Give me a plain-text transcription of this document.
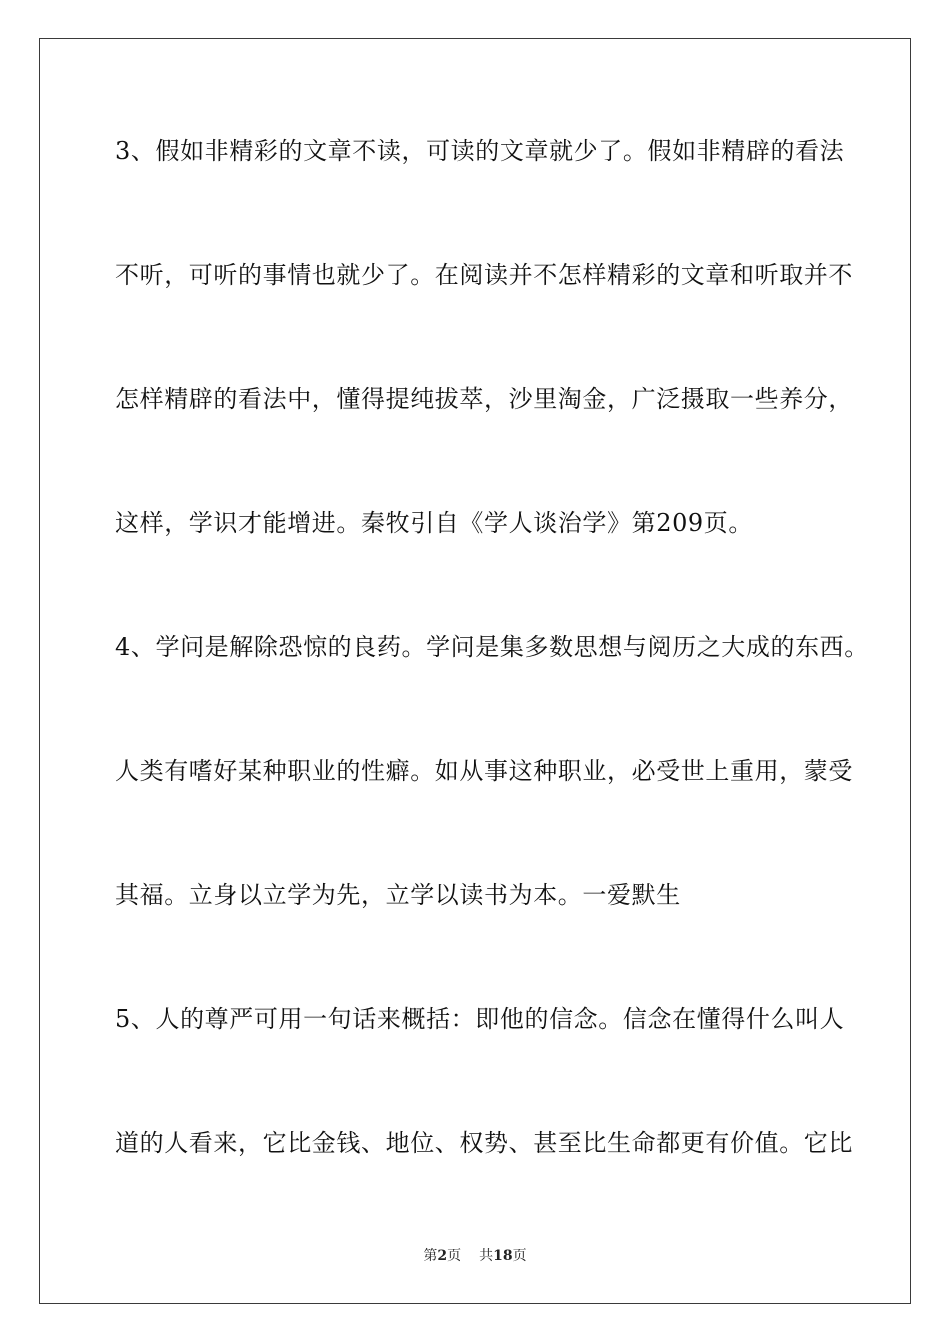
3、假如非精彩的文章不读，可读的文章就少了。假如非精辟的看法
不听，可听的事情也就少了。在阅读并不怎样精彩的文章和听取并不
怎样精辟的看法中，懂得提纯拔萃，沙里淘金，广泛摄取一些养分，
这样，学识才能增进。秦牧引自《学人谈治学》第209页。
4、学问是解除恐惊的良药。学问是集多数思想与阅历之大成的东西。
人类有嗜好某种职业的性癖。如从事这种职业，必受世上重用，蒙受
其福。立身以立学为先，立学以读书为本。一爱默生
5、人的尊严可用一句话来概括：即他的信念。信念在懂得什么叫人
道的人看来，它比金钱、地位、权势、甚至比生命都更有价值。它比
第2页 共18页
